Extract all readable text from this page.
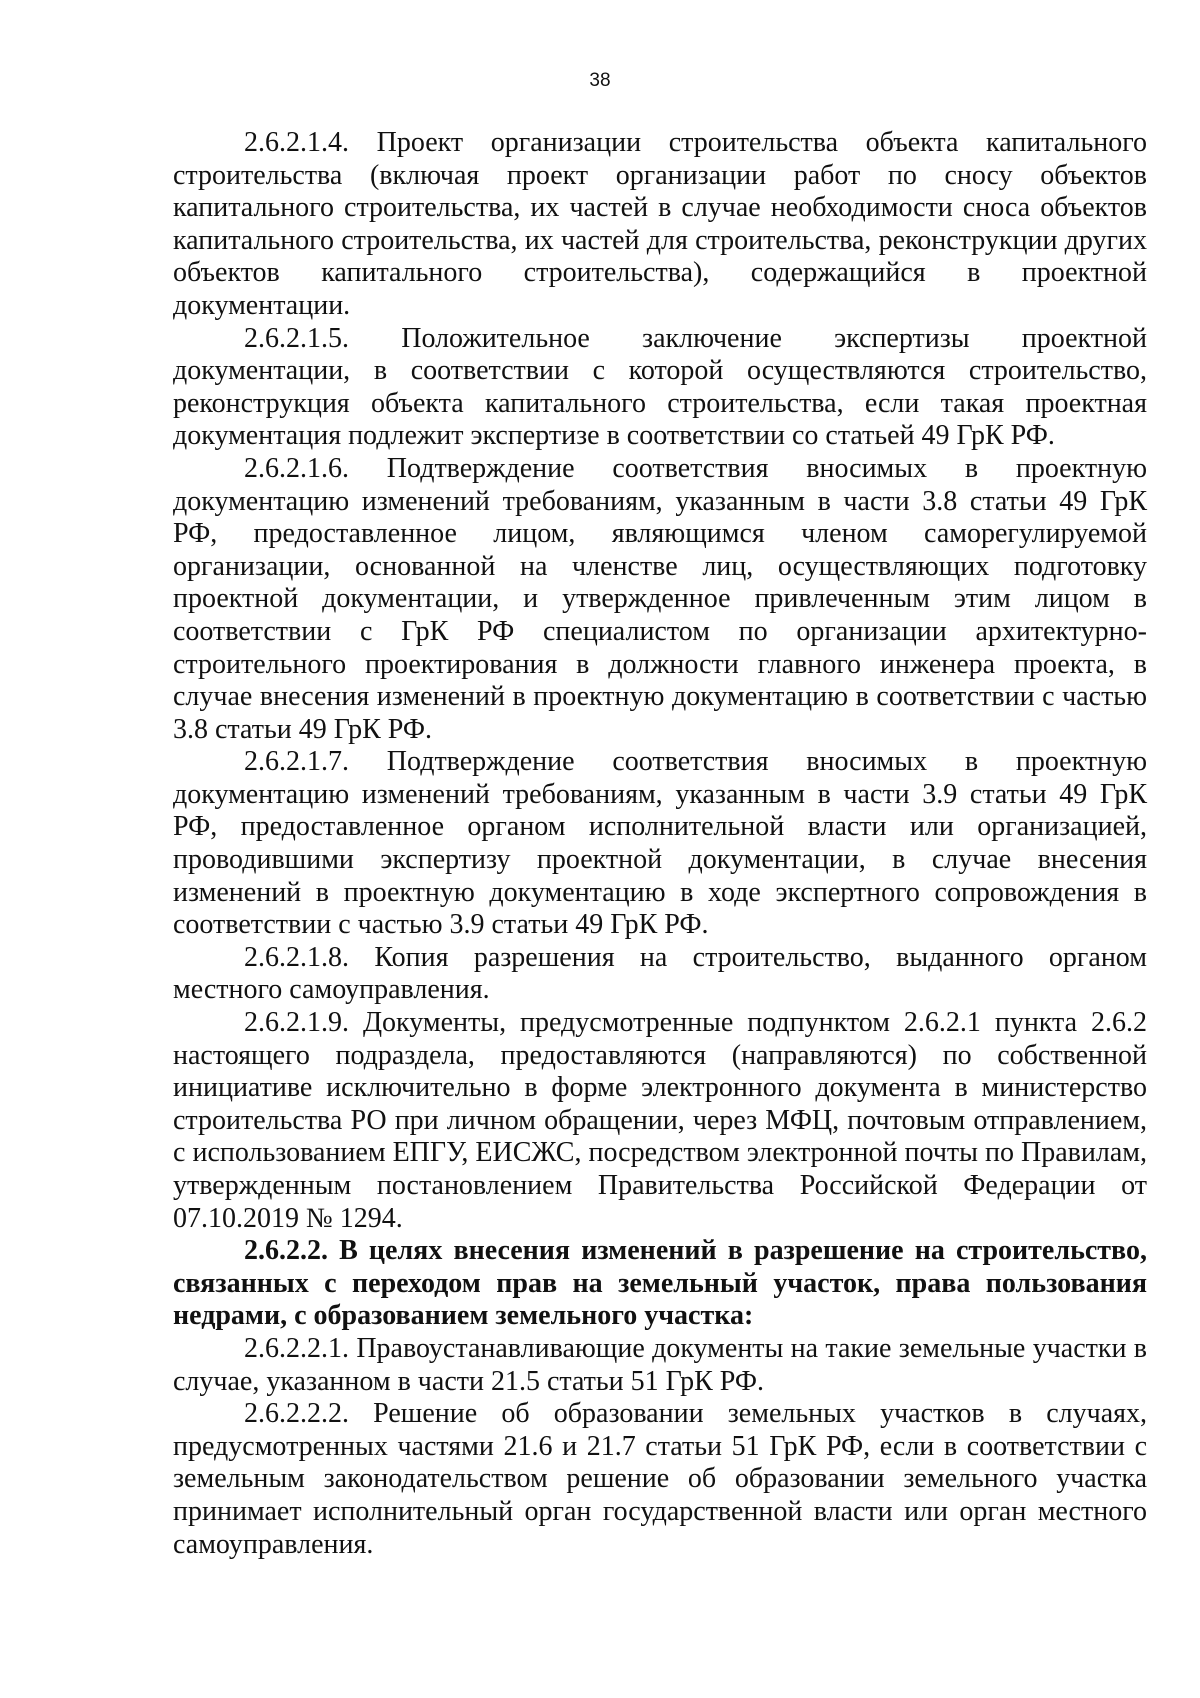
38

2.6.2.1.4. Проект организации строительства объекта капитального строительства (включая проект организации работ по сносу объектов капитального строительства, их частей в случае необходимости сноса объектов капитального строительства, их частей для строительства, реконструкции других объектов капитального строительства), содержащийся в проектной документации.

2.6.2.1.5. Положительное заключение экспертизы проектной документации, в соответствии с которой осуществляются строительство, реконструкция объекта капитального строительства, если такая проектная документация подлежит экспертизе в соответствии со статьей 49 ГрК РФ.

2.6.2.1.6. Подтверждение соответствия вносимых в проектную документацию изменений требованиям, указанным в части 3.8 статьи 49 ГрК РФ, предоставленное лицом, являющимся членом саморегулируемой организации, основанной на членстве лиц, осуществляющих подготовку проектной документации, и утвержденное привлеченным этим лицом в соответствии с ГрК РФ специалистом по организации архитектурно-строительного проектирования в должности главного инженера проекта, в случае внесения изменений в проектную документацию в соответствии с частью 3.8 статьи 49 ГрК РФ.

2.6.2.1.7. Подтверждение соответствия вносимых в проектную документацию изменений требованиям, указанным в части 3.9 статьи 49 ГрК РФ, предоставленное органом исполнительной власти или организацией, проводившими экспертизу проектной документации, в случае внесения изменений в проектную документацию в ходе экспертного сопровождения в соответствии с частью 3.9 статьи 49 ГрК РФ.

2.6.2.1.8. Копия разрешения на строительство, выданного органом местного самоуправления.

2.6.2.1.9. Документы, предусмотренные подпунктом 2.6.2.1 пункта 2.6.2 настоящего подраздела, предоставляются (направляются) по собственной инициативе исключительно в форме электронного документа в министерство строительства РО при личном обращении, через МФЦ, почтовым отправлением, с использованием ЕПГУ, ЕИСЖС, посредством электронной почты по Правилам, утвержденным постановлением Правительства Российской Федерации от 07.10.2019 № 1294.

2.6.2.2. В целях внесения изменений в разрешение на строительство, связанных с переходом прав на земельный участок, права пользования недрами, с образованием земельного участка:

2.6.2.2.1. Правоустанавливающие документы на такие земельные участки в случае, указанном в части 21.5 статьи 51 ГрК РФ.

2.6.2.2.2. Решение об образовании земельных участков в случаях, предусмотренных частями 21.6 и 21.7 статьи 51 ГрК РФ, если в соответствии с земельным законодательством решение об образовании земельного участка принимает исполнительный орган государственной власти или орган местного самоуправления.
